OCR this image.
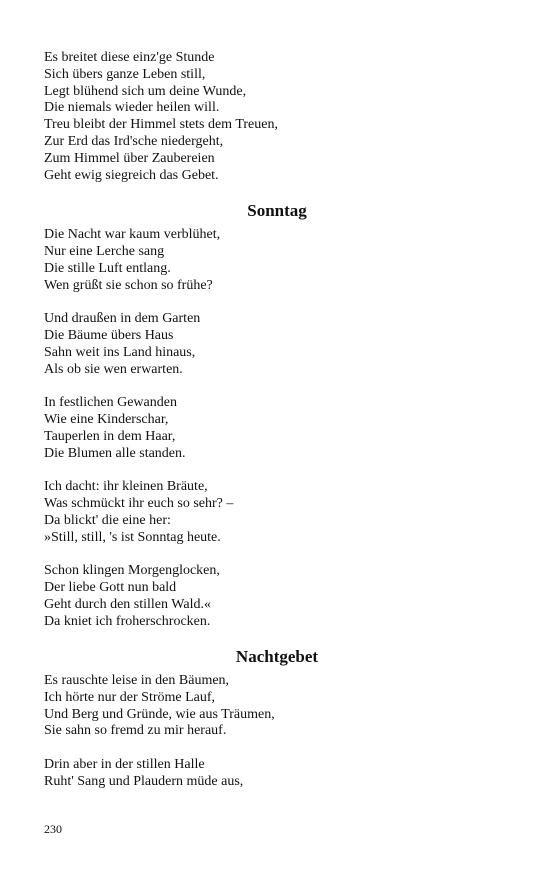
Es breitet diese einz'ge Stunde
Sich übers ganze Leben still,
Legt blühend sich um deine Wunde,
Die niemals wieder heilen will.
Treu bleibt der Himmel stets dem Treuen,
Zur Erd das Ird'sche niedergeht,
Zum Himmel über Zaubereien
Geht ewig siegreich das Gebet.
Sonntag
Die Nacht war kaum verblühet,
Nur eine Lerche sang
Die stille Luft entlang.
Wen grüßt sie schon so frühe?
Und draußen in dem Garten
Die Bäume übers Haus
Sahn weit ins Land hinaus,
Als ob sie wen erwarten.
In festlichen Gewanden
Wie eine Kinderschar,
Tauperlen in dem Haar,
Die Blumen alle standen.
Ich dacht: ihr kleinen Bräute,
Was schmückt ihr euch so sehr? –
Da blickt' die eine her:
»Still, still, 's ist Sonntag heute.
Schon klingen Morgenglocken,
Der liebe Gott nun bald
Geht durch den stillen Wald.«
Da kniet ich froherschrocken.
Nachtgebet
Es rauschte leise in den Bäumen,
Ich hörte nur der Ströme Lauf,
Und Berg und Gründe, wie aus Träumen,
Sie sahn so fremd zu mir herauf.
Drin aber in der stillen Halle
Ruht' Sang und Plaudern müde aus,
230
